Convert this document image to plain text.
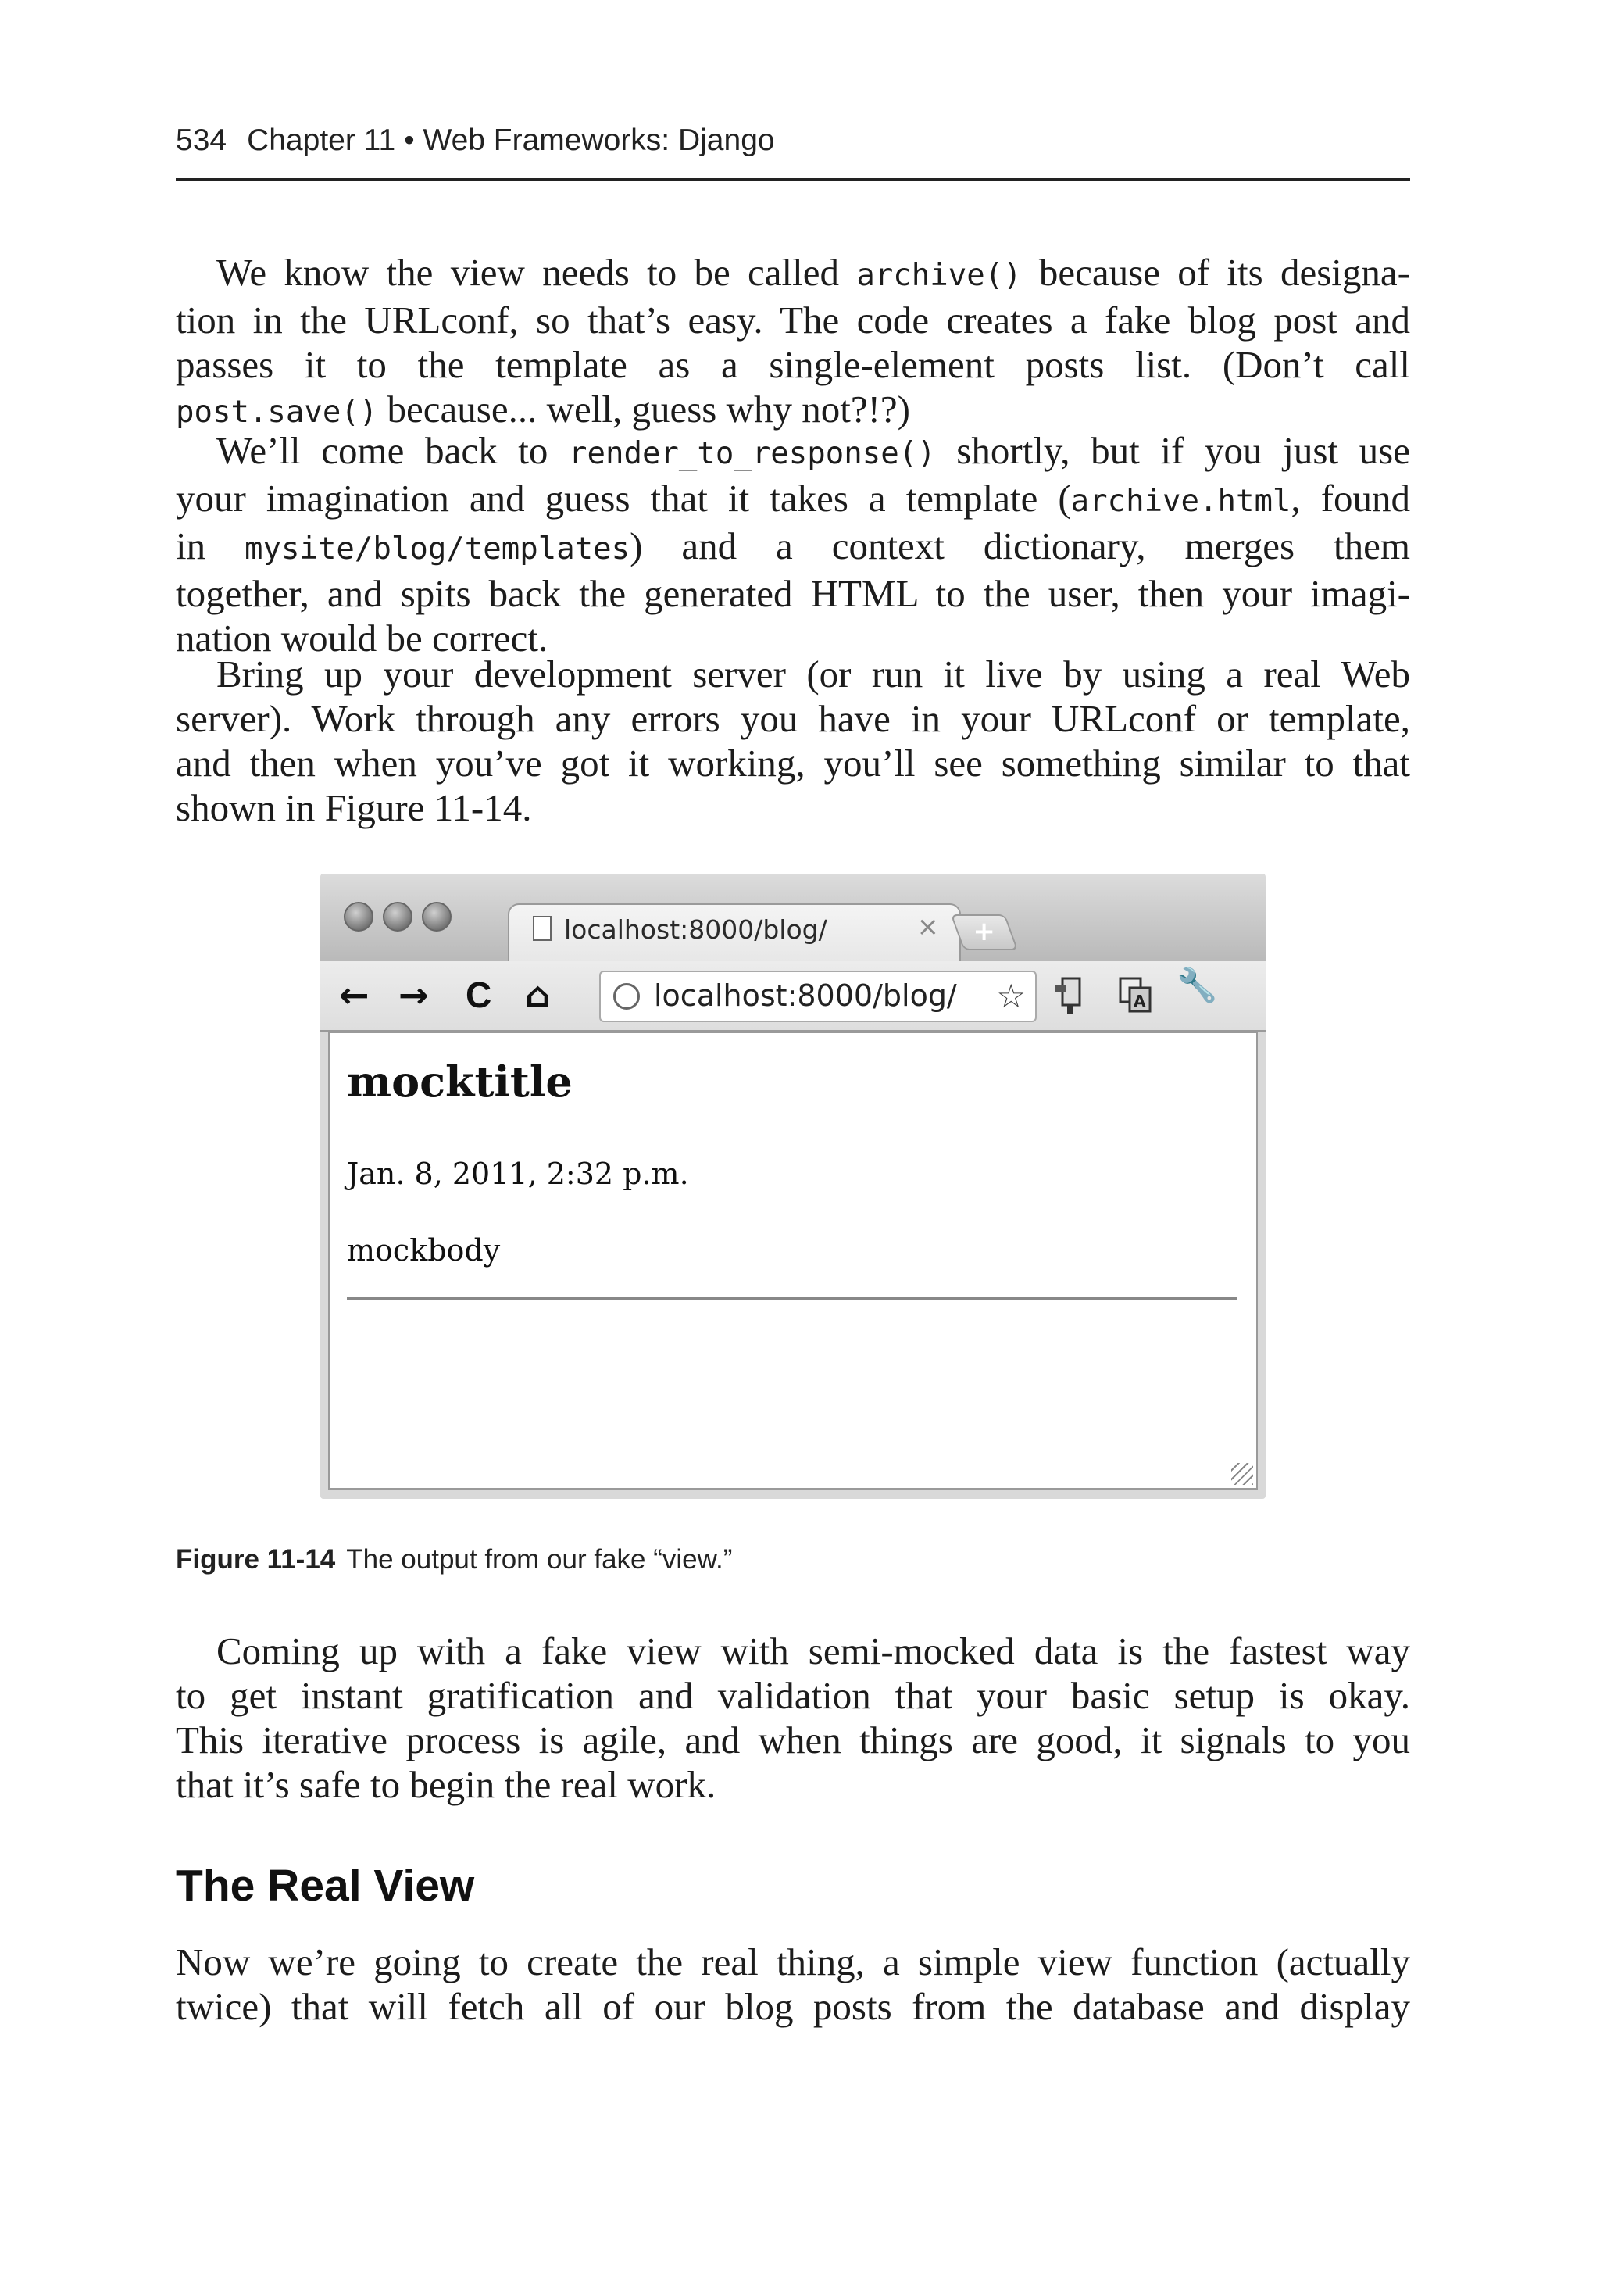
534 Chapter 11 • Web Frameworks: Django
We know the view needs to be called archive() because of its designa-
tion in the URLconf, so that’s easy. The code creates a fake blog post and
passes it to the template as a single-element posts list. (Don’t call
post.save() because... well, guess why not?!?)
We’ll come back to render_to_response() shortly, but if you just use
your imagination and guess that it takes a template (archive.html, found
in mysite/blog/templates) and a context dictionary, merges them
together, and spits back the generated HTML to the user, then your imagi-
nation would be correct.
Bring up your development server (or run it live by using a real Web
server). Work through any errors you have in your URLconf or template,
and then when you’ve got it working, you’ll see something similar to that
shown in Figure 11-14.
localhost:8000/blog/	×	+
← → C ⌂	localhost:8000/blog/ ☆	A 🔧
mocktitle
Jan. 8, 2011, 2:32 p.m.
mockbody
Figure 11-14 The output from our fake “view.”
Coming up with a fake view with semi-mocked data is the fastest way
to get instant gratification and validation that your basic setup is okay.
This iterative process is agile, and when things are good, it signals to you
that it’s safe to begin the real work.
The Real View
Now we’re going to create the real thing, a simple view function (actually
twice) that will fetch all of our blog posts from the database and display
